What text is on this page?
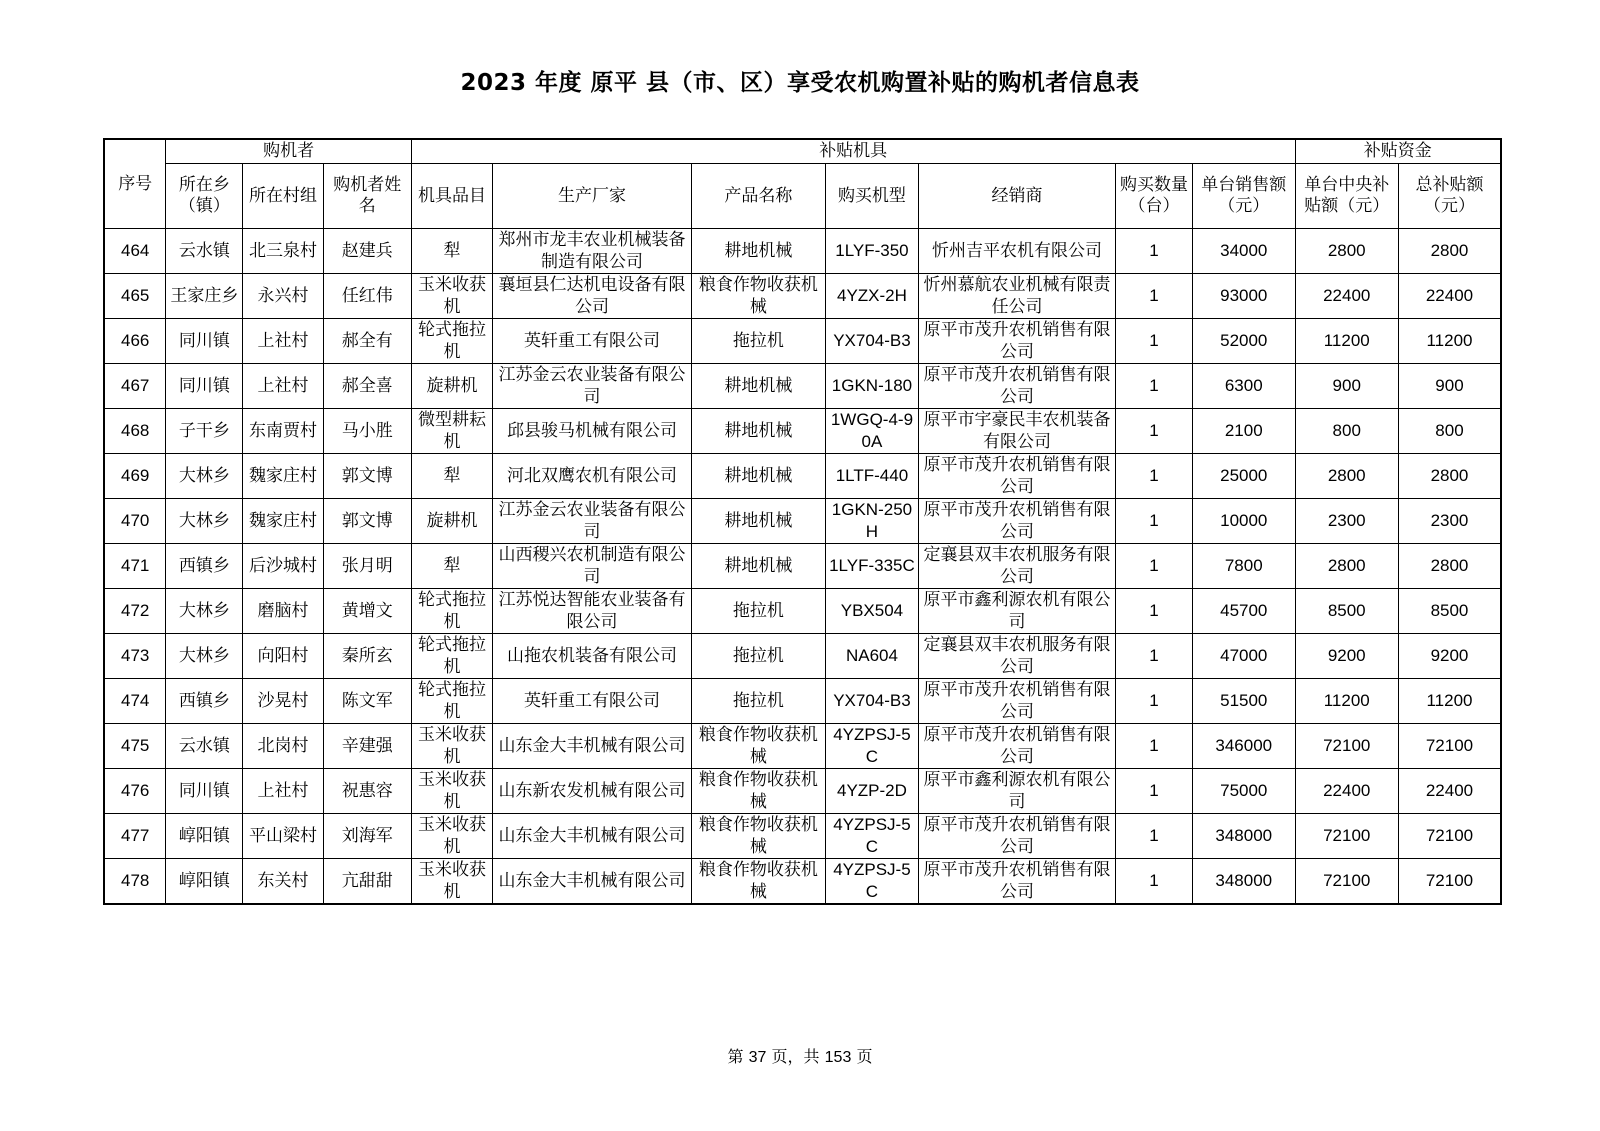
2023 年度 原平 县（市、区）享受农机购置补贴的购机者信息表
序号	购机者			补贴机具							补贴资金	
	所在乡（镇）	所在村组	购机者姓名	机具品目	生产厂家	产品名称	购买机型	经销商	购买数量（台）	单台销售额（元）	单台中央补贴额（元）	总补贴额（元）
464	云水镇	北三泉村	赵建兵	犁	郑州市龙丰农业机械装备制造有限公司	耕地机械	1LYF-350	忻州吉平农机有限公司	1	34000	2800	2800
465	王家庄乡	永兴村	任红伟	玉米收获机	襄垣县仁达机电设备有限公司	粮食作物收获机械	4YZX-2H	忻州慕航农业机械有限责任公司	1	93000	22400	22400
466	同川镇	上社村	郝全有	轮式拖拉机	英轩重工有限公司	拖拉机	YX704-B3	原平市茂升农机销售有限公司	1	52000	11200	11200
467	同川镇	上社村	郝全喜	旋耕机	江苏金云农业装备有限公司	耕地机械	1GKN-180	原平市茂升农机销售有限公司	1	6300	900	900
468	子干乡	东南贾村	马小胜	微型耕耘机	邱县骏马机械有限公司	耕地机械	1WGQ-4-90A	原平市宇豪民丰农机装备有限公司	1	2100	800	800
469	大林乡	魏家庄村	郭文博	犁	河北双鹰农机有限公司	耕地机械	1LTF-440	原平市茂升农机销售有限公司	1	25000	2800	2800
470	大林乡	魏家庄村	郭文博	旋耕机	江苏金云农业装备有限公司	耕地机械	1GKN-250H	原平市茂升农机销售有限公司	1	10000	2300	2300
471	西镇乡	后沙城村	张月明	犁	山西稷兴农机制造有限公司	耕地机械	1LYF-335C	定襄县双丰农机服务有限公司	1	7800	2800	2800
472	大林乡	磨脑村	黄增文	轮式拖拉机	江苏悦达智能农业装备有限公司	拖拉机	YBX504	原平市鑫利源农机有限公司	1	45700	8500	8500
473	大林乡	向阳村	秦所玄	轮式拖拉机	山拖农机装备有限公司	拖拉机	NA604	定襄县双丰农机服务有限公司	1	47000	9200	9200
474	西镇乡	沙晃村	陈文军	轮式拖拉机	英轩重工有限公司	拖拉机	YX704-B3	原平市茂升农机销售有限公司	1	51500	11200	11200
475	云水镇	北岗村	辛建强	玉米收获机	山东金大丰机械有限公司	粮食作物收获机械	4YZPSJ-5C	原平市茂升农机销售有限公司	1	346000	72100	72100
476	同川镇	上社村	祝惠容	玉米收获机	山东新农发机械有限公司	粮食作物收获机械	4YZP-2D	原平市鑫利源农机有限公司	1	75000	22400	22400
477	崞阳镇	平山梁村	刘海军	玉米收获机	山东金大丰机械有限公司	粮食作物收获机械	4YZPSJ-5C	原平市茂升农机销售有限公司	1	348000	72100	72100
478	崞阳镇	东关村	亢甜甜	玉米收获机	山东金大丰机械有限公司	粮食作物收获机械	4YZPSJ-5C	原平市茂升农机销售有限公司	1	348000	72100	72100
第 37 页，共 153 页
